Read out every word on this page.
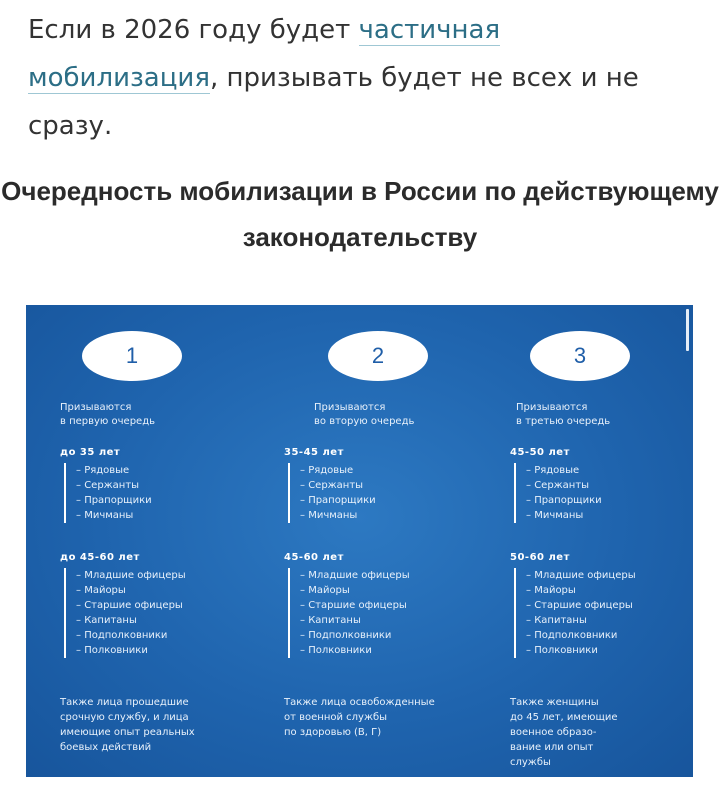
Если в 2026 году будет частичная мобилизация, призывать будет не всех и не сразу.
Очередность мобилизации в России по действующему законодательству
1
Призываются
в первую очередь
до 35 лет
– Рядовые
– Сержанты
– Прапорщики
– Мичманы
до 45-60 лет
– Младшие офицеры
– Майоры
– Старшие офицеры
– Капитаны
– Подполковники
– Полковники
Также лица прошедшие
срочную службу, и лица
имеющие опыт реальных
боевых действий
2
Призываются
во вторую очередь
35-45 лет
– Рядовые
– Сержанты
– Прапорщики
– Мичманы
45-60 лет
– Младшие офицеры
– Майоры
– Старшие офицеры
– Капитаны
– Подполковники
– Полковники
Также лица освобожденные
от военной службы
по здоровью (В, Г)
3
Призываются
в третью очередь
45-50 лет
– Рядовые
– Сержанты
– Прапорщики
– Мичманы
50-60 лет
– Младшие офицеры
– Майоры
– Старшие офицеры
– Капитаны
– Подполковники
– Полковники
Также женщины
до 45 лет, имеющие
военное образо-
вание или опыт
службы
